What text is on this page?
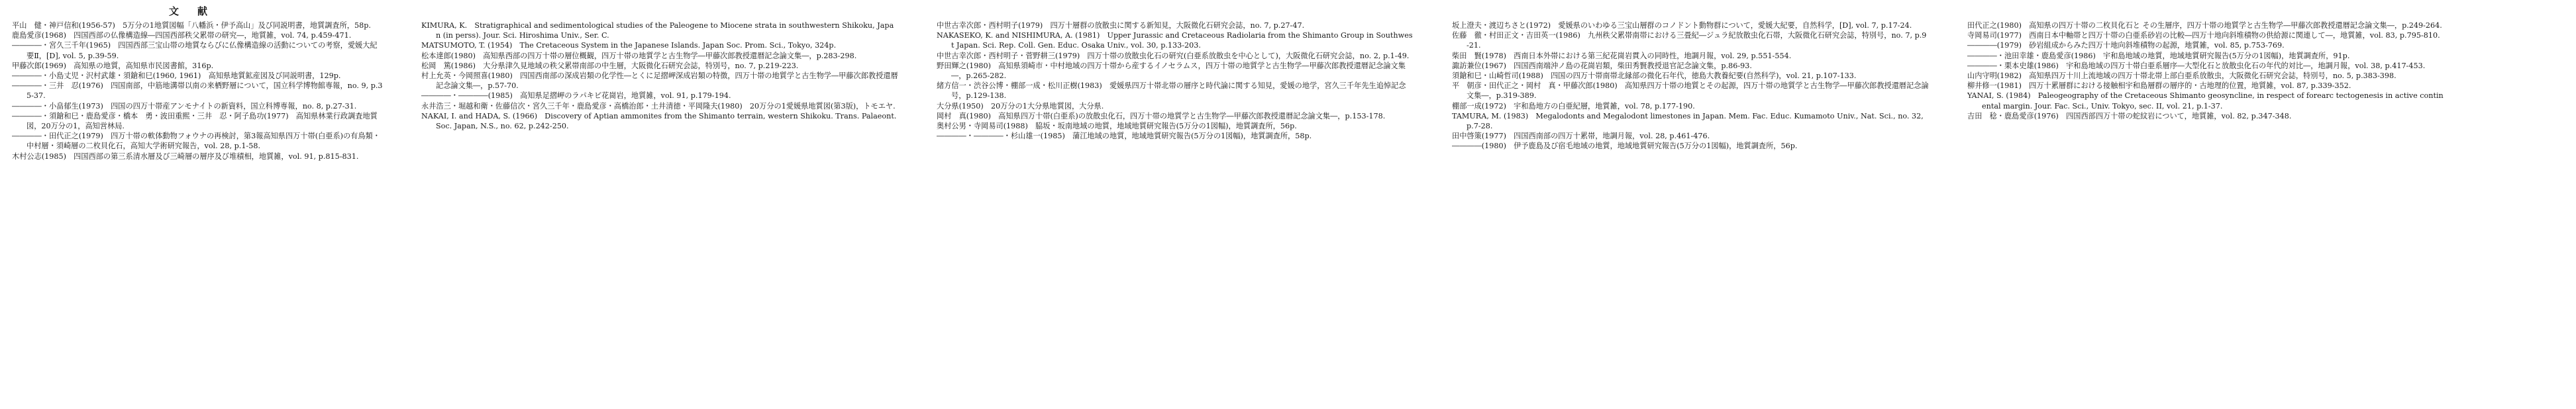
文献
平山　健・神戸信和(1956-57)　5万分の1地質図幅「八幡浜・伊予高山」及び同説明書，地質調査所，58p.
鹿島愛彦(1968)　四国西部の仏像構造線―四国西部秩父累帯の研究―，地質雑，vol. 74, p.459-471.
――――・宮久三千年(1965)　四国西部三宝山帯の地質ならびに仏像構造線の活動についての考察，愛媛大紀要Ⅱ，[D], vol. 5, p.39-59.
甲藤次郎(1969)　高知県の地質，高知県市民図書館，316p.
――――・小島丈児・沢村武雄・須鎗和巳(1960, 1961)　高知県地質鉱産図及び同説明書，129p.
――――・三井　忍(1976)　四国南部，中筋地溝帯以南の来栖野層について，国立科学博物館専報，no. 9, p.35-37.
――――・小畠郁生(1973)　四国の四万十帯産アンモナイトの新資料，国立科博専報，no. 8, p.27-31.
――――・須鎗和巳・鹿島愛彦・橋本　勇・波田重熙・三井　忍・阿子島功(1977)　高知県林業行政調査地質図，20万分の1，高知営林局.
――――・田代正之(1979)　四万十帯の軟体動物フォウナの再検討，第3報高知県四万十帯(白亜系)の有鳥類・中村層・須崎層の二枚貝化石，高知大学術研究報告，vol. 28, p.1-58.
木村公志(1985)　四国西部の第三系清水層及び三崎層の層序及び堆積相，地質雑，vol. 91, p.815-831.
KIMURA, K.　Stratigraphical and sedimentological studies of the Paleogene to Miocene strata in southwestern Shikoku, Japan (in perss). Jour. Sci. Hiroshima Univ., Ser. C.
MATSUMOTO, T. (1954)　The Cretaceous System in the Japanese Islands. Japan Soc. Prom. Sci., Tokyo, 324p.
松本達郎(1980)　高知県西部の四万十帯の層位概観，四万十帯の地質学と古生物学―甲藤次郎教授還暦記念論文集―，p.283-298.
松岡　篤(1986)　大分県津久見地域の秩父累帯南部の中生層，大阪微化石研究会誌，特別号，no. 7, p.219-223.
村上允英・今岡照喜(1980)　四国西南部の深成岩類の化学性―とくに足摺岬深成岩類の特徴，四万十帯の地質学と古生物学―甲藤次郎教授還暦記念論文集―，p.57-70.
――――・――――(1985)　高知県足摺岬のラパキビ花崗岩，地質雑，vol. 91, p.179-194.
永井浩三・堀越和衛・佐藤信次・宮久三千年・鹿島愛彦・高橋治郎・土井清徳・平岡隆夫(1980)　20万分の1愛媛県地質図(第3版)，トモエヤ.
NAKAI, I. and HADA, S. (1966)　Discovery of Aptian ammonites from the Shimanto terrain, western Shikoku. Trans. Palaeont. Soc. Japan, N.S., no. 62, p.242-250.
中世古幸次郎・西村明子(1979)　四万十層群の放散虫に関する新知見，大阪微化石研究会誌，no. 7, p.27-47.
NAKASEKO, K. and NISHIMURA, A. (1981)　Upper Jurassic and Cretaceous Radiolaria from the Shimanto Group in Southwest Japan. Sci. Rep. Coll. Gen. Educ. Osaka Univ., vol. 30, p.133-203.
中世古幸次郎・西村明子・菅野耕三(1979)　四万十帯の放散虫化石の研究(白亜系放散虫を中心として)，大阪微化石研究会誌，no. 2, p.1-49.
野田輝之(1980)　高知県須崎市・中村地域の四万十帯から産するイノセラムス，四万十帯の地質学と古生物学―甲藤次郎教授還暦記念論文集―，p.265-282.
緒方信一・渋谷公博・棚部一成・松川正樹(1983)　愛媛県四万十帯北帯の層序と時代論に関する知見，愛媛の地学，宮久三千年先生追悼記念号，p.129-138.
大分県(1950)　20万分の1大分県地質図，大分県.
岡村　真(1980)　高知県四万十帯(白亜系)の放散虫化石，四万十帯の地質学と古生物学―甲藤次郎教授還暦記念論文集―，p.153-178.
奥村公男・寺岡易司(1988)　脇坂・坂南地域の地質，地域地質研究報告(5万分の1図幅)，地質調査所，56p.
――――・――――・杉山雄一(1985)　蒲江地域の地質，地域地質研究報告(5万分の1図幅)，地質調査所，58p.
坂上澄夫・渡辺ちさと(1972)　愛媛県のいわゆる三宝山層群のコノドント動物群について，愛媛大紀要，自然科学，[D], vol. 7, p.17-24.
佐藤　徹・村田正文・吉田英一(1986)　九州秩父累帯南帯における三畳紀―ジュラ紀放散虫化石帯，大阪微化石研究会誌，特別号，no. 7, p.9-21.
柴田　賢(1978)　西南日本外帯における第三紀花崗岩貫入の同時性，地調月報，vol. 29, p.551-554.
諏訪兼位(1967)　四国西南端沖ノ島の花崗岩類，柴田秀賢教授退官記念論文集，p.86-93.
須鎗和巳・山崎哲司(1988)　四国の四万十帯南帯北縁部の微化石年代，徳島大教養紀要(自然科学)，vol. 21, p.107-133.
平　朝彦・田代正之・岡村　真・甲藤次郎(1980)　高知県四万十帯の地質とその起源，四万十帯の地質学と古生物学―甲藤次郎教授還暦記念論文集―，p.319-389.
棚部一成(1972)　宇和島地方の白亜紀層，地質雑，vol. 78, p.177-190.
TAMURA, M. (1983)　Megalodonts and Megalodont limestones in Japan. Mem. Fac. Educ. Kumamoto Univ., Nat. Sci., no. 32, p.7-28.
田中啓策(1977)　四国西南部の四万十累帯，地調月報，vol. 28, p.461-476.
――――(1980)　伊予鹿島及び宿毛地域の地質，地域地質研究報告(5万分の1図幅)，地質調査所，56p.
田代正之(1980)　高知県の四万十帯の二枚貝化石と その生層序，四万十帯の地質学と古生物学―甲藤次郎教授還暦記念論文集―，p.249-264.
寺岡易司(1977)　西南日本中軸帯と四万十帯の白亜系砂岩の比較―四万十地向斜堆積物の供給源に関連して―，地質雑，vol. 83, p.795-810.
――――(1979)　砂岩組成からみた四万十地向斜堆積物の起源，地質雑，vol. 85, p.753-769.
――――・池田幸雄・鹿島愛彦(1986)　宇和島地域の地質，地域地質研究報告(5万分の1図幅)，地質調査所，91p.
――――・栗本史雄(1986)　宇和島地域の四万十帯白亜系層序―大型化石と放散虫化石の年代的対比―，地調月報，vol. 38, p.417-453.
山内守明(1982)　高知県四万十川上流地域の四万十帯北帯上部白亜系放散虫，大阪微化石研究会誌，特別号，no. 5, p.383-398.
柳井修一(1981)　四万十累層群における接触相宇和島層群の層序的・古地理的位置，地質雑，vol. 87, p.339-352.
YANAI, S. (1984)　Paleogeography of the Cretaceous Shimanto geosyncline, in respect of forearc tectogenesis in active continental margin. Jour. Fac. Sci., Univ. Tokyo, sec. II, vol. 21, p.1-37.
吉田　稔・鹿島愛彦(1976)　四国西部四万十帯の蛇紋岩について，地質雑，vol. 82, p.347-348.
